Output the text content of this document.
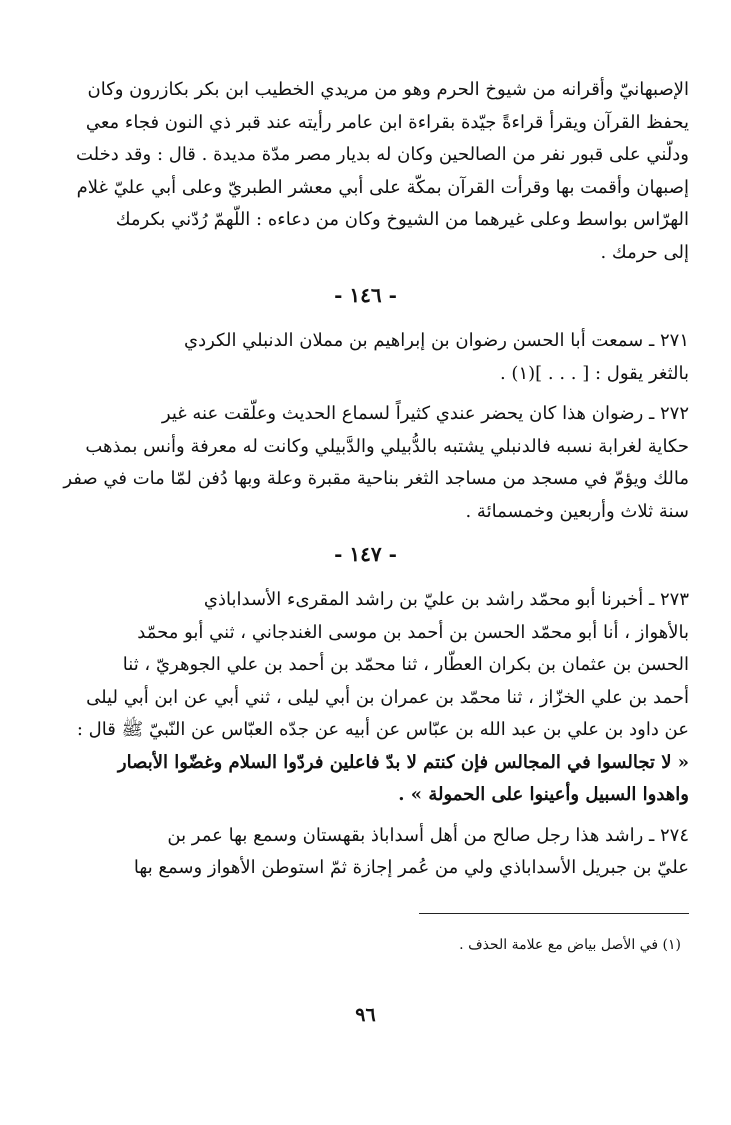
الإصبهانيّ وأقرانه من شيوخ الحرم وهو من مريدي الخطيب ابن بكر بكازرون وكان
يحفظ القرآن ويقرأ قراءةً جيّدة بقراءة ابن عامر رأيته عند قبر ذي النون فجاء معي
ودلّني على قبور نفر من الصالحين وكان له بديار مصر مدّة مديدة . قال : وقد دخلت
إصبهان وأقمت بها وقرأت القرآن بمكّة على أبي معشر الطبريّ وعلى أبي عليّ غلام
الهرّاس بواسط وعلى غيرهما من الشيوخ وكان من دعاءه : اللّهمّ رُدّني بكرمك
إلى حرمك .

- ١٤٦ -

٢٧١ ـ سمعت أبا الحسن رضوان بن إبراهيم بن مملان الدنبلي الكردي
بالثغر يقول : [ . . . ](١) .

٢٧٢ ـ رضوان هذا كان يحضر عندي كثيراً لسماع الحديث وعلّقت عنه غير
حكاية لغرابة نسبه فالدنبلي يشتبه بالدُّبيلي والدَّبيلي وكانت له معرفة وأنس بمذهب
مالك ويؤمّ في مسجد من مساجد الثغر بناحية مقبرة وعلة وبها دُفن لمّا مات في صفر
سنة ثلاث وأربعين وخمسمائة .

- ١٤٧ -

٢٧٣ ـ أخبرنا أبو محمّد راشد بن عليّ بن راشد المقرىء الأسداباذي
بالأهواز ، أنا أبو محمّد الحسن بن أحمد بن موسى الغندجاني ، ثني أبو محمّد
الحسن بن عثمان بن بكران العطّار ، ثنا محمّد بن أحمد بن علي الجوهريّ ، ثنا
أحمد بن علي الخزّاز ، ثنا محمّد بن عمران بن أبي ليلى ، ثني أبي عن ابن أبي ليلى
عن داود بن علي بن عبد الله بن عبّاس عن أبيه عن جدّه العبّاس عن النّبيّ ﷺ قال :
« لا تجالسوا في المجالس فإن كنتم لا بدّ فاعلين فردّوا السلام وغضّوا الأبصار
واهدوا السبيل وأعينوا على الحمولة » .

٢٧٤ ـ راشد هذا رجل صالح من أهل أسداباذ بقهستان وسمع بها عمر بن
عليّ بن جبريل الأسداباذي ولي من عُمر إجازة ثمّ استوطن الأهواز وسمع بها

(١) في الأصل بياض مع علامة الحذف .
٩٦
